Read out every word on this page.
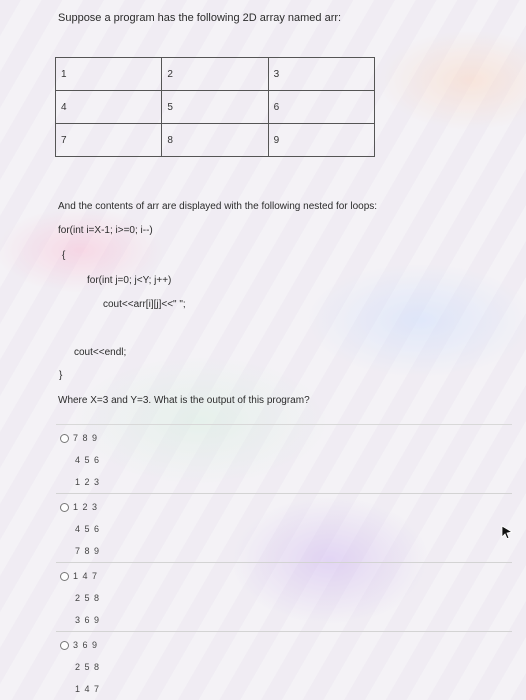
Suppose a program has the following 2D array named arr:
1	2	3
4	5	6
7	8	9
And the contents of arr are displayed with the following nested for loops:
for(int i=X-1; i>=0; i--)
{
for(int j=0; j<Y; j++)
cout<<arr[i][j]<<" ";
cout<<endl;
}
Where X=3 and Y=3. What is the output of this program?
7 8 9
4 5 6
1 2 3
1 2 3
4 5 6
7 8 9
1 4 7
2 5 8
3 6 9
3 6 9
2 5 8
1 4 7
